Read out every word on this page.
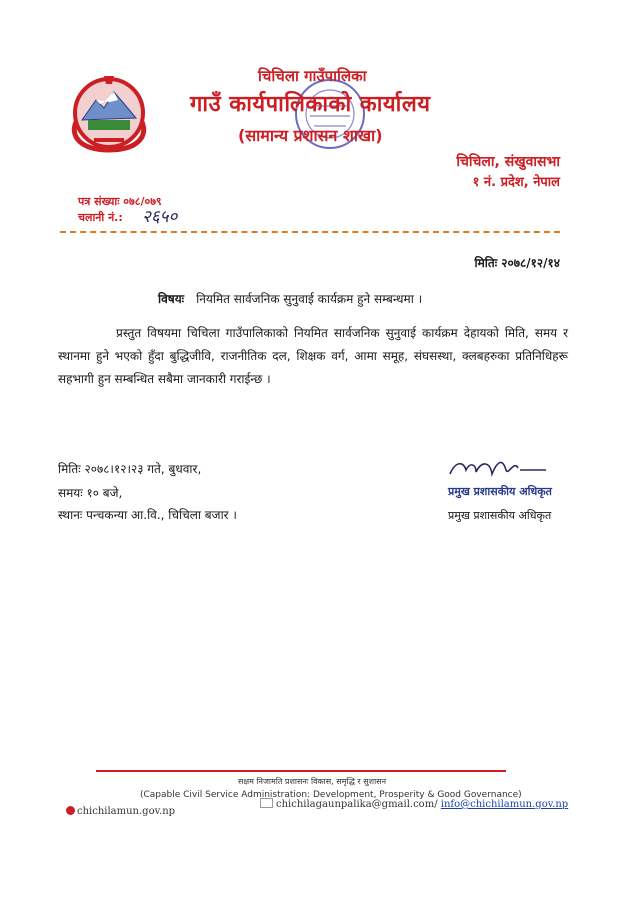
चिचिला गाउँपालिका
गाउँ कार्यपालिकाको कार्यालय
(सामान्य प्रशासन शाखा)
चिचिला, संखुवासभा
१ नं. प्रदेश, नेपाल
पत्र संख्याः ०७८/०७९
चलानी नं.: २६५०
मितिः २०७८/१२/१४
विषयः नियमित सार्वजनिक सुनुवाई कार्यक्रम हुने सम्बन्धमा ।
प्रस्तुत विषयमा चिचिला गाउँपालिकाको नियमित सार्वजनिक सुनुवाई कार्यक्रम देहायको मिति, समय र स्थानमा हुने भएको हुँदा बुद्धिजीवि, राजनीतिक दल, शिक्षक वर्ग, आमा समूह, संघसस्था, क्लबहरुका प्रतिनिधिहरू सहभागी हुन सम्बन्धित सबैमा जानकारी गराईन्छ ।
मितिः २०७८।१२।२३ गते, बुधवार,
समयः १० बजे,
स्थानः पन्चकन्या आ.वि., चिचिला बजार ।
प्रमुख प्रशासकीय अधिकृत
प्रमुख प्रशासकीय अधिकृत
सक्षम निजामति प्रशासनः विकास, समृद्धि र सुशासन
(Capable Civil Service Administration: Development, Prosperity & Good Governance)
chichilamun.gov.np
chichilagaunpalika@gmail.com/ info@chichilamun.gov.np
